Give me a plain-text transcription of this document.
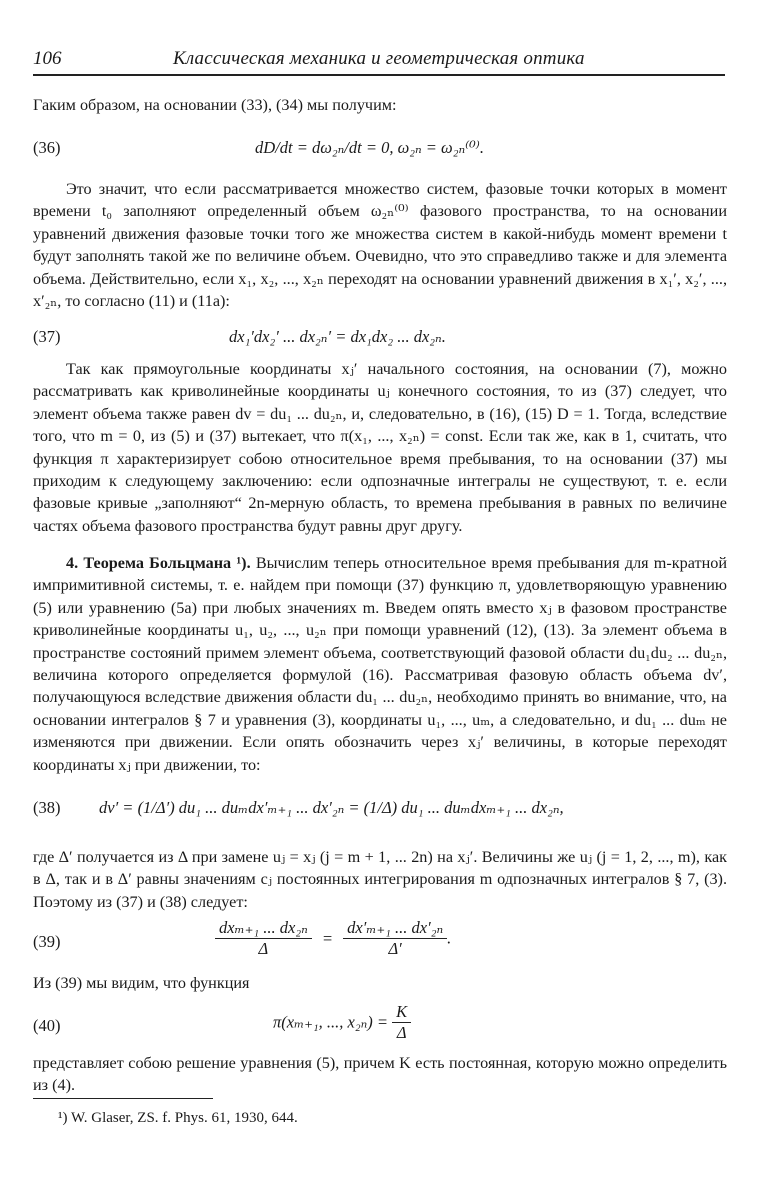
106	Классическая механика и геометрическая оптика

Гаким образом, на основании (33), (34) мы получим:

(36)	dD/dt = dω₂ₙ/dt = 0, ω₂ₙ = ω₂ₙ⁽⁰⁾.

Это значит, что если рассматривается множество систем, фазовые точки которых в момент времени t₀ заполняют определенный объем ω₂ₙ⁽⁰⁾ фазового пространства, то на основании уравнений движения фазовые точки того же множества систем в какой-нибудь момент времени t будут заполнять такой же по величине объем. Очевидно, что это справедливо также и для элемента объема. Действительно, если x₁, x₂, ..., x₂ₙ переходят на основании уравнений движения в x₁′, x₂′, ..., x′₂ₙ, то согласно (11) и (11a):

(37)	dx₁′dx₂′ ... dx₂ₙ′ = dx₁dx₂ ... dx₂ₙ.

Так как прямоугольные координаты xⱼ′ начального состояния, на основании (7), можно рассматривать как криволинейные координаты uⱼ конечного состояния, то из (37) следует, что элемент объема также равен dv = du₁ ... du₂ₙ, и, следовательно, в (16), (15) D = 1. Тогда, вследствие того, что m = 0, из (5) и (37) вытекает, что π(x₁, ..., x₂ₙ) = const. Если так же, как в 1, считать, что функция π характеризирует собою относительное время пребывания, то на основании (37) мы приходим к следующему заключению: если одпозначные интегралы не существуют, т. е. если фазовые кривые „заполняют“ 2n-мерную область, то времена пребывания в равных по величине частях объема фазового пространства будут равны друг другу.

4. Теорема Больцмана ¹). Вычислим теперь относительное время пребывания для m-кратной импримитивной системы, т. е. найдем при помощи (37) функцию π, удовлетворяющую уравнению (5) или уравнению (5a) при любых значениях m. Введем опять вместо xⱼ в фазовом пространстве криволинейные координаты u₁, u₂, ..., u₂ₙ при помощи уравнений (12), (13). За элемент объема в пространстве состояний примем элемент объема, соответствующий фазовой области du₁du₂ ... du₂ₙ, величина которого определяется формулой (16). Рассматривая фазовую область объема dv′, получающуюся вследствие движения области du₁ ... du₂ₙ, необходимо принять во внимание, что, на основании интегралов § 7 и уравнения (3), координаты u₁, ..., uₘ, а следовательно, и du₁ ... duₘ не изменяются при движении. Если опять обозначить через xⱼ′ величины, в которые переходят координаты xⱼ при движении, то:

(38) dv′ = (1/Δ′) du₁ ... duₘdx′ₘ₊₁ ... dx′₂ₙ = (1/Δ) du₁ ... duₘdxₘ₊₁ ... dx₂ₙ,

где Δ′ получается из Δ при замене uⱼ = xⱼ (j = m + 1, ... 2n) на xⱼ′. Величины же uⱼ (j = 1, 2, ..., m), как в Δ, так и в Δ′ равны значениям cⱼ постоянных интегрирования m одпозначных интегралов § 7, (3). Поэтому из (37) и (38) следует:

(39)
dxₘ₊₁ ... dx₂ₙ
Δ
= $\frac{\text{dx′ₘ₊₁ ... dx′₂ₙ}}{\Delta'}$ .

Из (39) мы видим, что функция

(40)	π(xₘ₊₁, ..., $x_{2n}) = \frac{K}{\Delta}$

представляет собою решение уравнения (5), причем K есть постоянная, которую можно определить из (4).

¹) W. Glaser, ZS. f. Phys. 61, 1930, 644.
